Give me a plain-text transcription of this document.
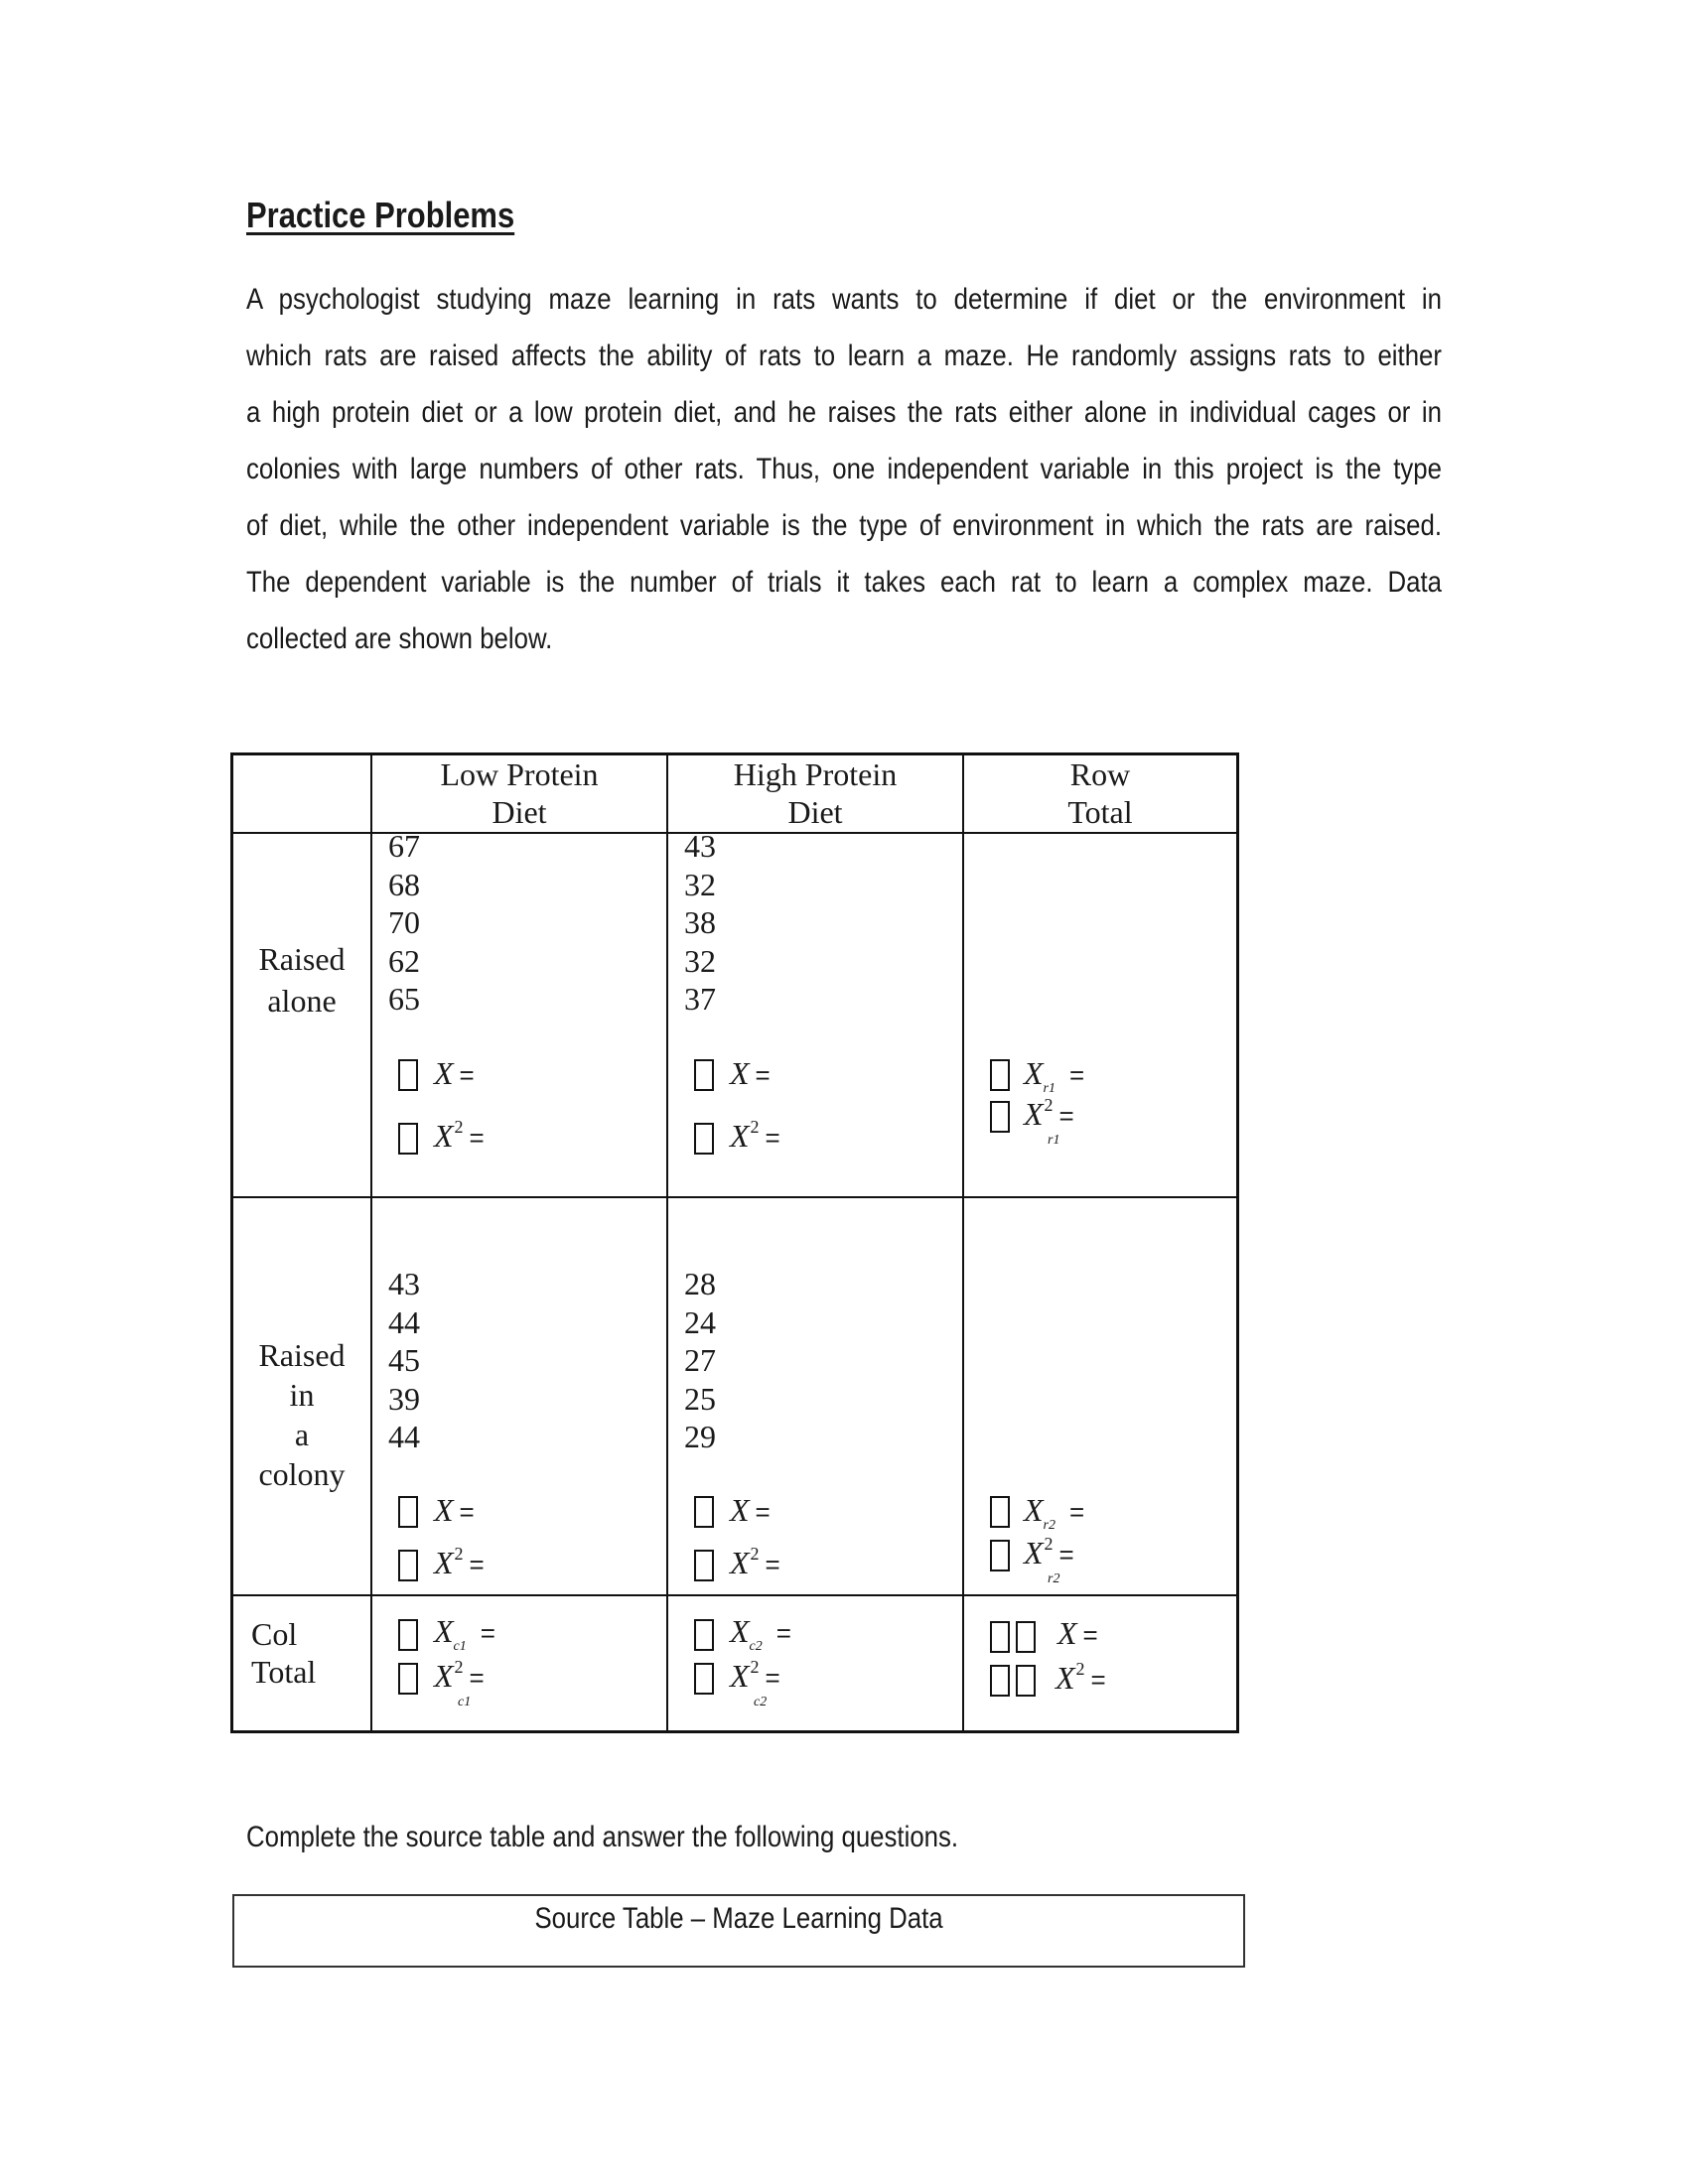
Practice Problems
A psychologist studying maze learning in rats wants to determine if diet or the environment in
which rats are raised affects the ability of rats to learn a maze. He randomly assigns rats to either
a high protein diet or a low protein diet, and he raises the rats either alone in individual cages or in
colonies with large numbers of other rats. Thus, one independent variable in this project is the type
of diet, while the other independent variable is the type of environment in which the rats are raised.
The dependent variable is the number of trials it takes each rat to learn a complex maze. Data
collected are shown below.
Low Protein
Diet
High Protein
Diet
Row
Total
Raised
alone
67
68
70
62
65
43
32
38
32
37
X =
$X^2$ =
X =
$X^2$ =
$X_{r1}$ =
$X^2$ =
r1
Raised
in
a
colony
43
44
45
39
44
28
24
27
25
29
X =
$X^2$ =
X =
$X^2$ =
$X_{r2}$ =
$X^2$ =
r2
Col
Total
$X_{c1}$ =
$X^2$ =
c1
$X_{c2}$ =
$X^2$ =
c2
X =
$X^2$ =
Complete the source table and answer the following questions.
Source Table – Maze Learning Data
